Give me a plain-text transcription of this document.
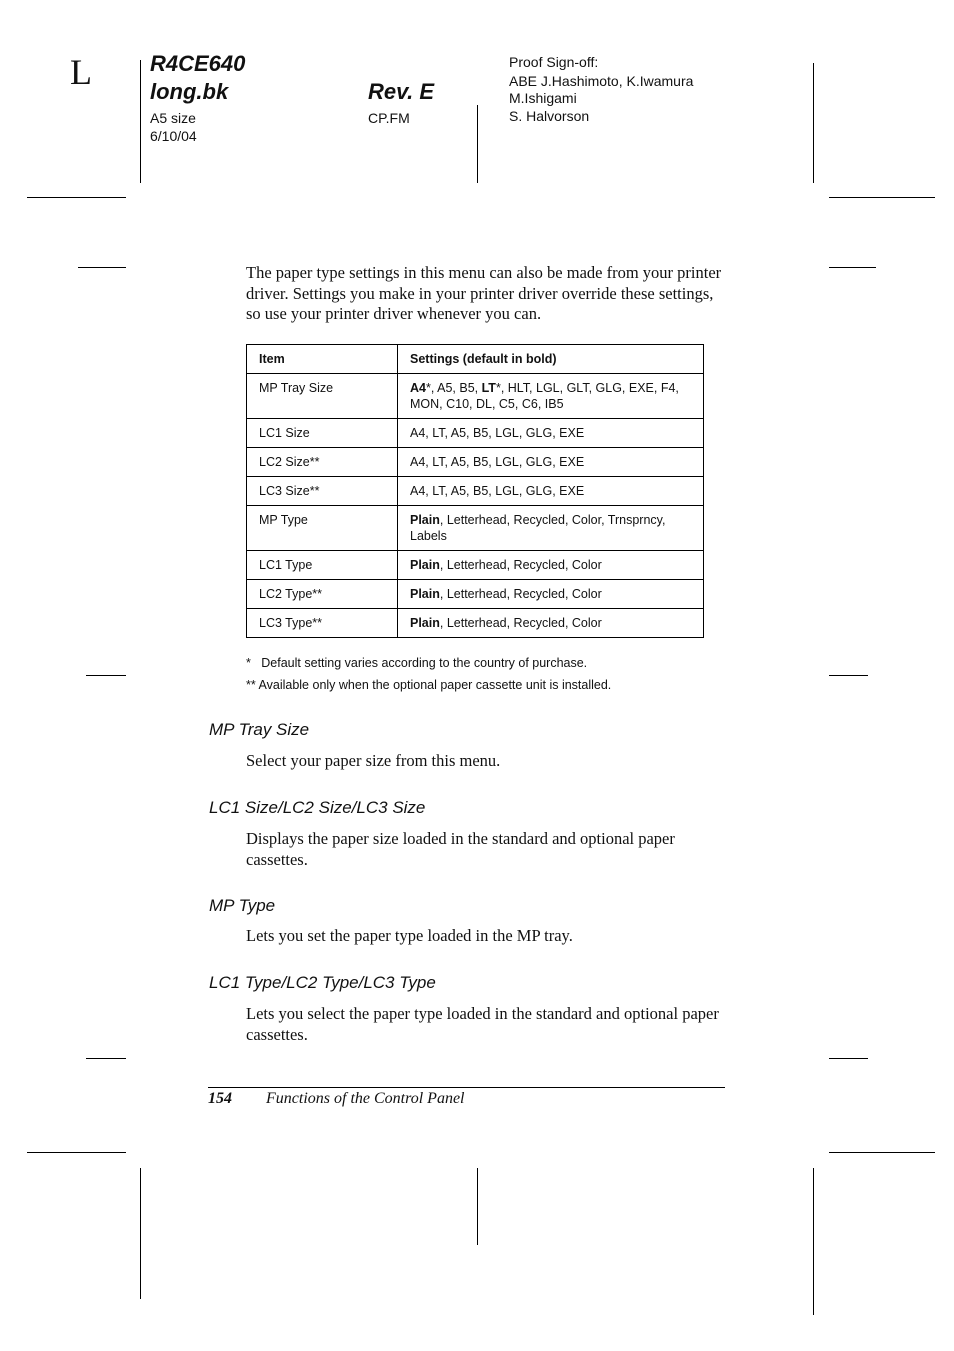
L	R4CE640
long.bk	Rev. E
A5 size
6/10/04
CP.FM
Proof Sign-off:
ABE J.Hashimoto, K.Iwamura
M.Ishigami
S. Halvorson
The paper type settings in this menu can also be made from your printer driver. Settings you make in your printer driver override these settings, so use your printer driver whenever you can.
Item	Settings (default in bold)
MP Tray Size	A4*, A5, B5, LT*, HLT, LGL, GLT, GLG, EXE, F4, MON, C10, DL, C5, C6, IB5
LC1 Size	A4, LT, A5, B5, LGL, GLG, EXE
LC2 Size**	A4, LT, A5, B5, LGL, GLG, EXE
LC3 Size**	A4, LT, A5, B5, LGL, GLG, EXE
MP Type	Plain, Letterhead, Recycled, Color, Trnsprncy, Labels
LC1 Type	Plain, Letterhead, Recycled, Color
LC2 Type**	Plain, Letterhead, Recycled, Color
LC3 Type**	Plain, Letterhead, Recycled, Color
*   Default setting varies according to the country of purchase.
** Available only when the optional paper cassette unit is installed.
MP Tray Size
Select your paper size from this menu.
LC1 Size/LC2 Size/LC3 Size
Displays the paper size loaded in the standard and optional paper cassettes.
MP Type
Lets you set the paper type loaded in the MP tray.
LC1 Type/LC2 Type/LC3 Type
Lets you select the paper type loaded in the standard and optional paper cassettes.
154 Functions of the Control Panel
